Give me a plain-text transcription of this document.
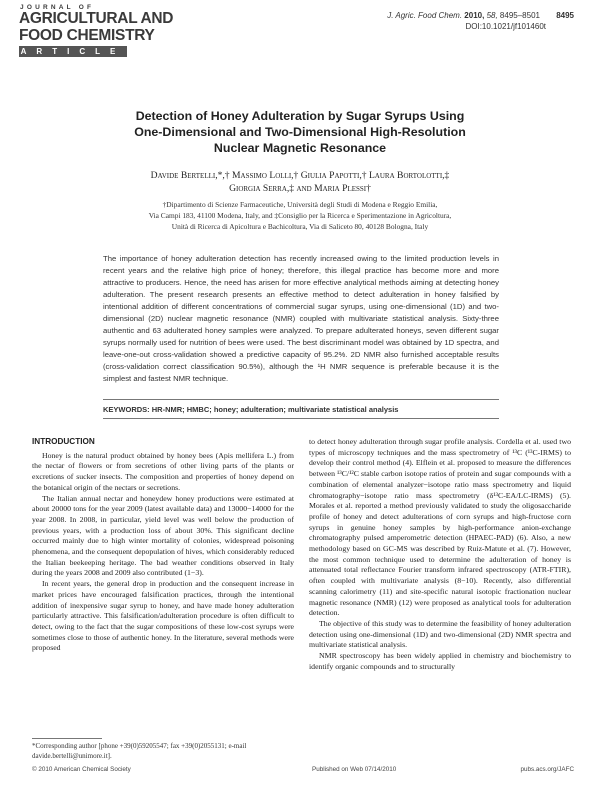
JOURNAL OF
AGRICULTURAL AND
FOOD CHEMISTRY
ARTICLE
J. Agric. Food Chem. 2010, 58, 8495–8501 8495
DOI:10.1021/jf101460t
Detection of Honey Adulteration by Sugar Syrups Using
One-Dimensional and Two-Dimensional High-Resolution
Nuclear Magnetic Resonance
Davide Bertelli,*,† Massimo Lolli,† Giulia Papotti,† Laura Bortolotti,‡
Giorgia Serra,‡ and Maria Plessi†
†Dipartimento di Scienze Farmaceutiche, Università degli Studi di Modena e Reggio Emilia,
Via Campi 183, 41100 Modena, Italy, and ‡Consiglio per la Ricerca e Sperimentazione in Agricoltura,
Unità di Ricerca di Apicoltura e Bachicoltura, Via di Saliceto 80, 40128 Bologna, Italy
The importance of honey adulteration detection has recently increased owing to the limited production levels in recent years and the relative high price of honey; therefore, this illegal practice has become more and more attractive to producers. Hence, the need has arisen for more effective analytical methods aiming at detecting honey adulteration. The present research presents an effective method to detect adulteration in honey falsified by intentional addition of different concentrations of commercial sugar syrups, using one-dimensional (1D) and two-dimensional (2D) nuclear magnetic resonance (NMR) coupled with multivariate statistical analysis. Sixty-three authentic and 63 adulterated honey samples were analyzed. To prepare adulterated honeys, seven different sugar syrups normally used for nutrition of bees were used. The best discriminant model was obtained by 1D spectra, and leave-one-out cross-validation showed a predictive capacity of 95.2%. 2D NMR also furnished acceptable results (cross-validation correct classification 90.5%), although the ¹H NMR sequence is preferable because it is the simplest and fastest NMR technique.
KEYWORDS: HR-NMR; HMBC; honey; adulteration; multivariate statistical analysis
INTRODUCTION

Honey is the natural product obtained by honey bees (Apis mellifera L.) from the nectar of flowers or from secretions of other living parts of the plants or excretions of sucker insects. The composition and properties of honey depend on the botanical origin of the nectars or secretions.

The Italian annual nectar and honeydew honey productions were estimated at about 20000 tons for the year 2009 (latest available data) and 13000−14000 for the year 2008. In 2008, in particular, yield level was well below the production of previous years, with a production loss of about 30%. This significant decline occurred mainly due to high winter mortality of colonies, widespread poisoning phenomena, and the consequent depopulation of hives, which considerably reduced the Italian beekeeping heritage. The bad weather conditions observed in Italy during the years 2008 and 2009 also contributed (1−3).

In recent years, the general drop in production and the consequent increase in market prices have encouraged falsification practices, through the intentional addition of inexpensive sugar syrup to honey, and have made honey adulteration particularly attractive. This falsification/adulteration procedure is often difficult to detect, owing to the fact that the sugar compositions of these low-cost syrups were sometimes close to those of authentic honey. In the literature, several methods were proposed

to detect honey adulteration through sugar profile analysis. Cordella et al. used two types of microscopy techniques and the mass spectrometry of ¹³C (¹³C-IRMS) to develop their control method (4). Elflein et al. proposed to measure the differences between ¹³C/¹²C stable carbon isotope ratios of protein and sugar compounds with a combination of elemental analyzer−isotope ratio mass spectrometry and liquid chromatography−isotope ratio mass spectrometry (δ¹³C-EA/LC-IRMS) (5). Morales et al. reported a method previously validated to study the oligosaccharide profile of honey and detect adulterations of corn syrups and high-fructose corn syrups in genuine honey samples by high-performance anion-exchange chromatography pulsed amperometric detection (HPAEC-PAD) (6). Also, a new methodology based on GC-MS was described by Ruiz-Matute et al. (7). However, the most common technique used to determine the adulteration of honey is attenuated total reflectance Fourier transform infrared spectroscopy (ATR-FTIR), often coupled with multivariate analysis (8−10). Recently, also differential scanning calorimetry (11) and site-specific natural isotopic fractionation nuclear magnetic resonance (NMR) (12) were proposed as analytical tools for adulteration detection.

The objective of this study was to determine the feasibility of honey adulteration detection using one-dimensional (1D) and two-dimensional (2D) NMR spectra and multivariate statistical analysis.

NMR spectroscopy has been widely applied in chemistry and biochemistry to identify organic compounds and to structurally

*Corresponding author [phone +39(0)59205547; fax +39(0)2055131; e-mail davide.bertelli@unimore.it].
© 2010 American Chemical Society	Published on Web 07/14/2010	pubs.acs.org/JAFC
